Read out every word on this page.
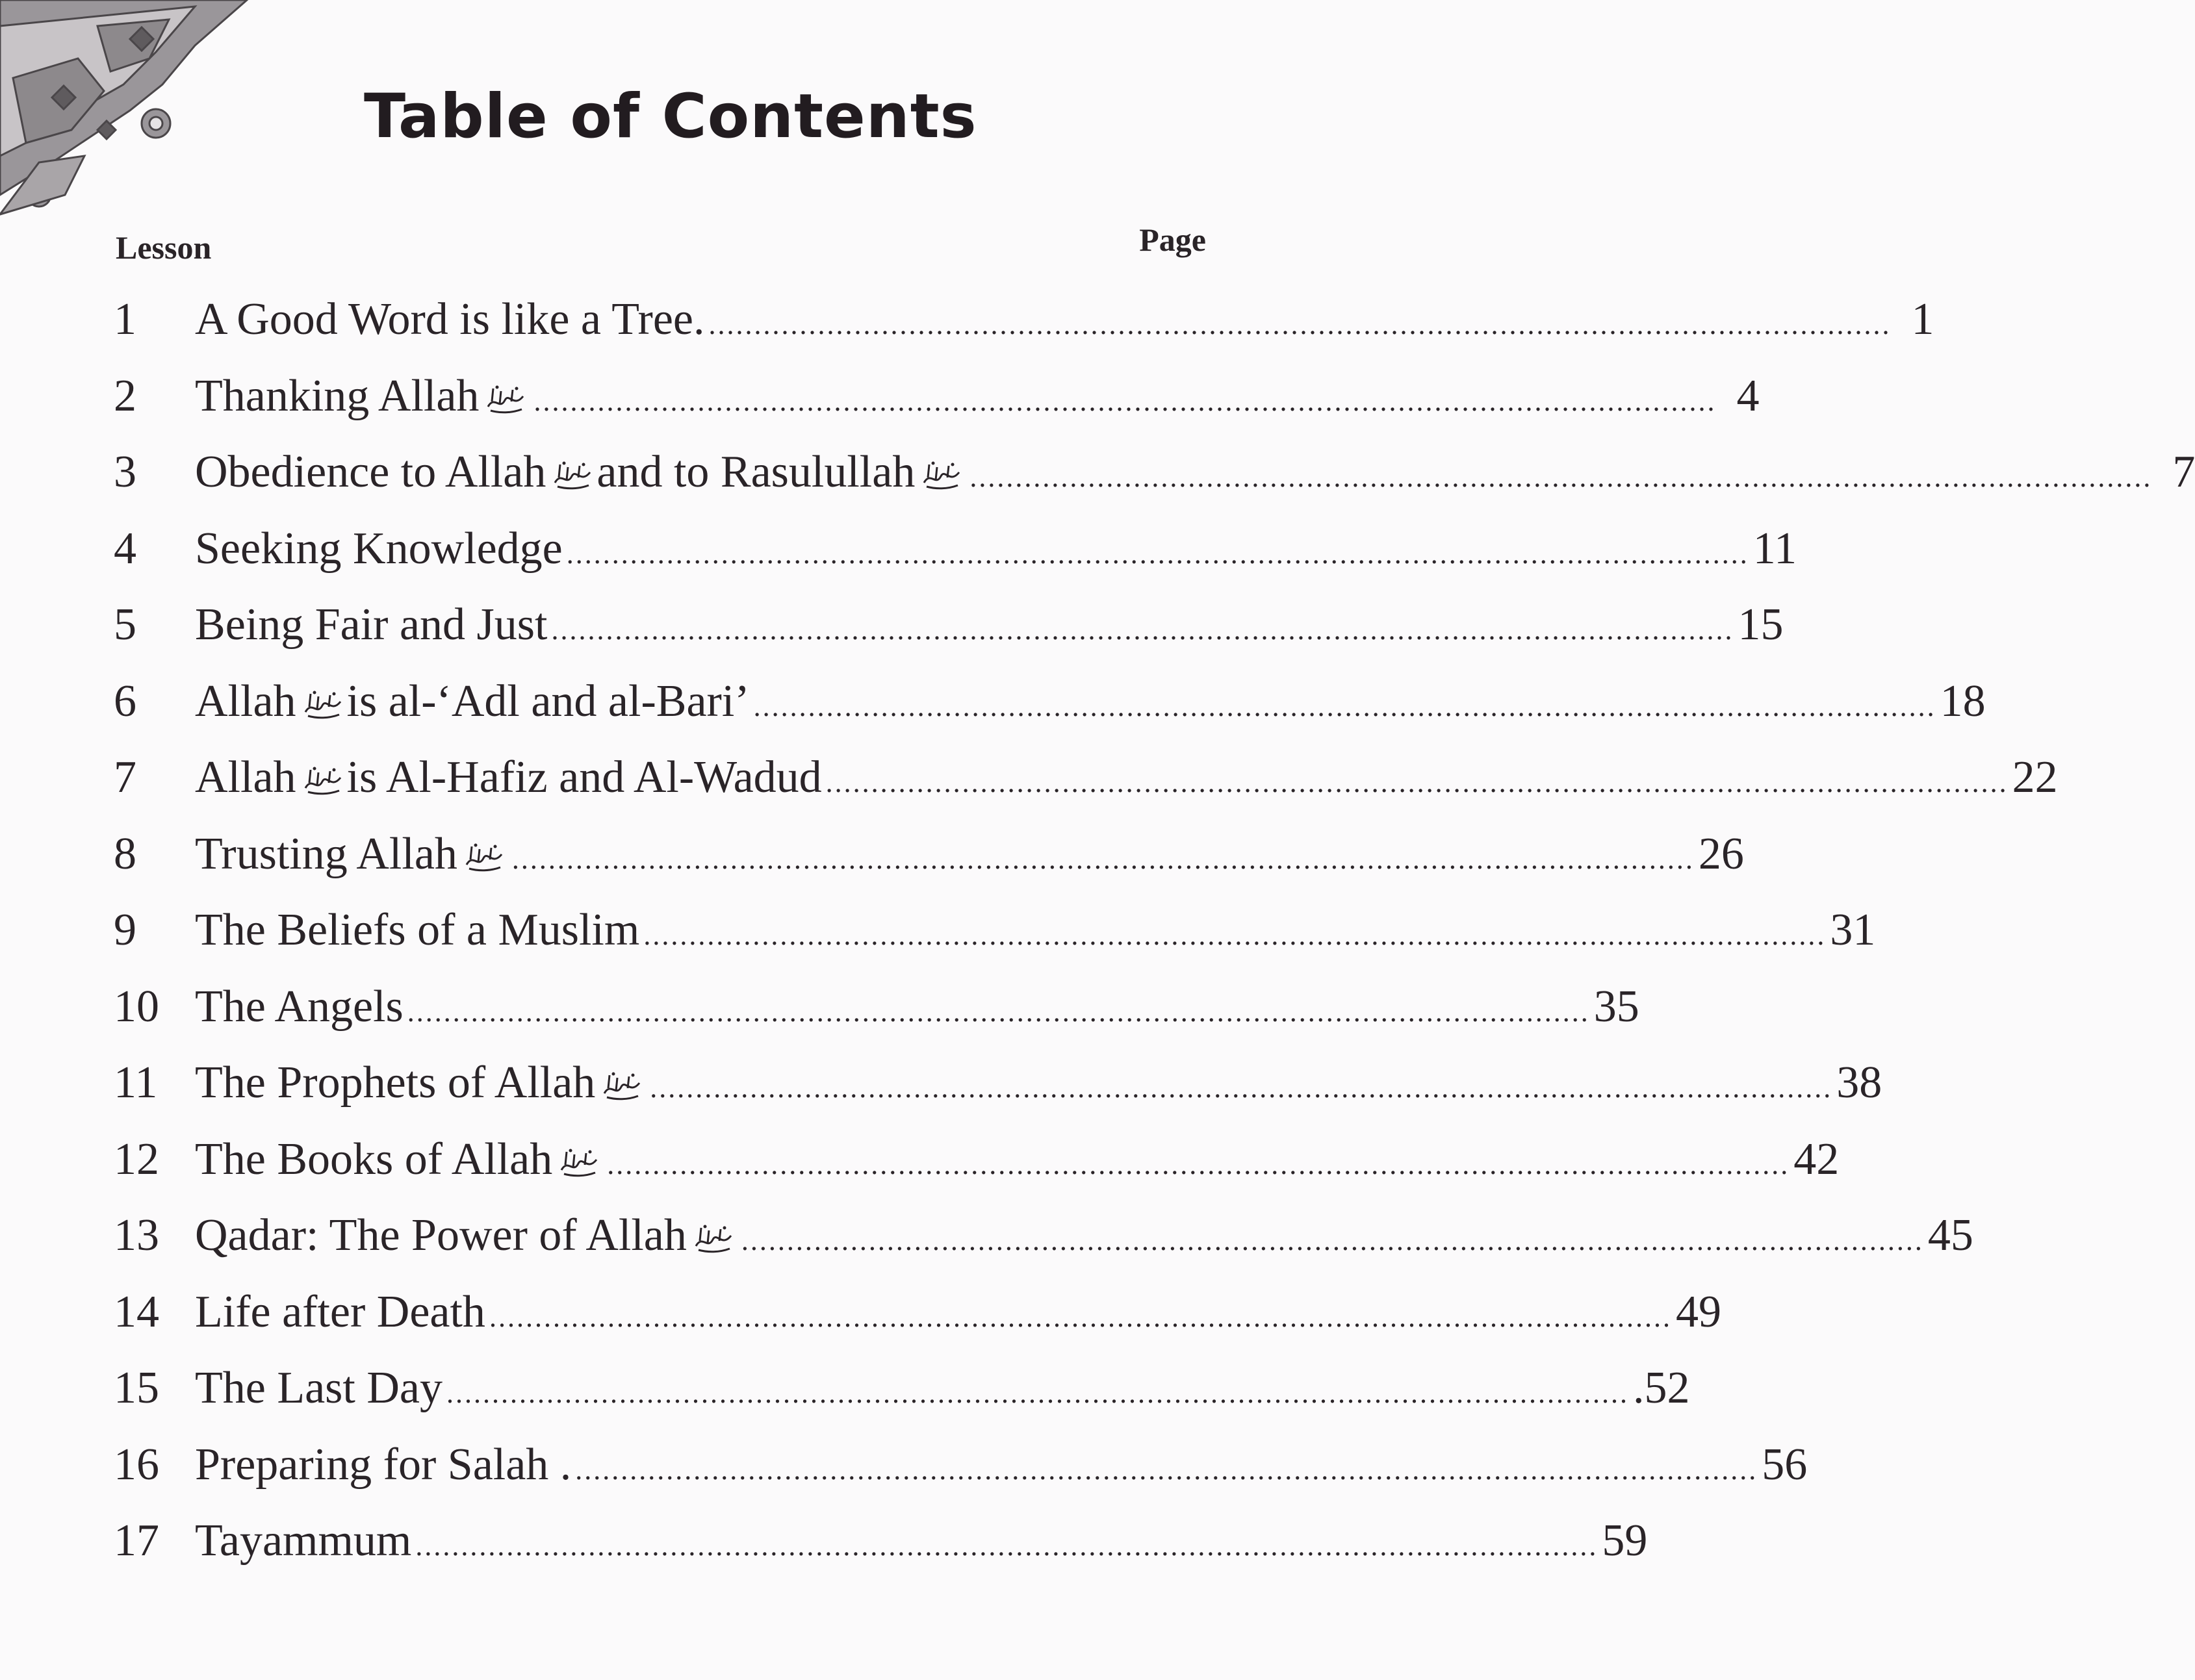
Table of Contents
Lesson	Page
1	A Good Word is like a Tree. .................................................................................................................................. 1
2	Thanking Allah	.................................................................................................................................. 4
3	Obedience to Allah and to Rasulullah	.................................................................................................................................. 7
4	Seeking Knowledge .................................................................................................................................. 11
5	Being Fair and Just .................................................................................................................................. 15
6	Allah is al-‘Adl and al-Bari’ .................................................................................................................................. 18
7	Allah is Al-Hafiz and Al-Wadud .................................................................................................................................. 22
8	Trusting Allah	.................................................................................................................................. 26
9	The Beliefs of a Muslim .................................................................................................................................. 31
10 The Angels .................................................................................................................................. 35
11 The Prophets of Allah	.................................................................................................................................. 38
12 The Books of Allah	.................................................................................................................................. 42
13 Qadar: The Power of Allah	.................................................................................................................................. 45
14 Life after Death .................................................................................................................................. 49
15 The Last Day .................................................................................................................................. .52
16 Preparing for Salah . .................................................................................................................................. 56
17 Tayammum .................................................................................................................................. 59
